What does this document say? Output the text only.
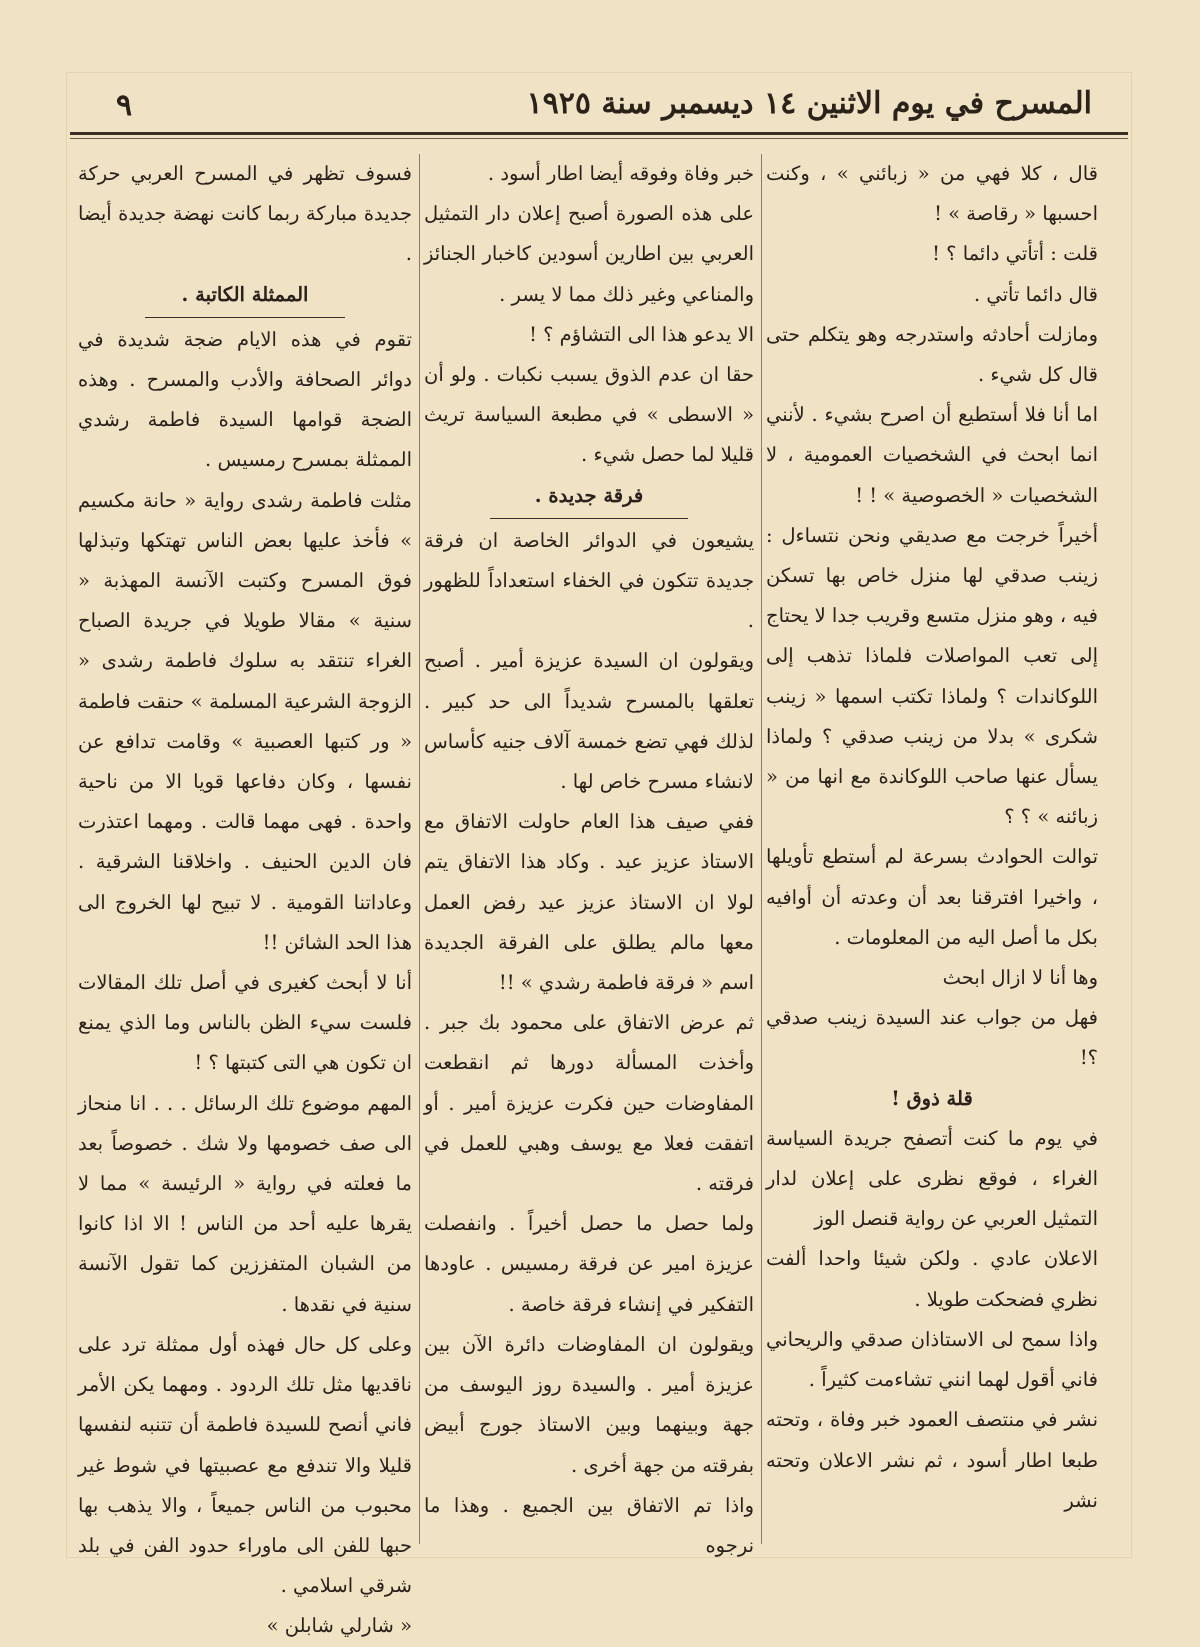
٩	المسرح في يوم الاثنين ١٤ ديسمبر سنة ١٩٢٥

قال ، كلا فهي من « زبائني » ، وكنت احسبها « رقاصة » !

قلت : أتأتي دائما ؟ !

قال دائما تأتي .

ومازلت أحادثه واستدرجه وهو يتكلم حتى قال كل شيء .

اما أنا فلا أستطيع أن اصرح بشيء . لأنني انما ابحث في الشخصيات العمومية ، لا الشخصيات « الخصوصية » ! !

أخيراً خرجت مع صديقي ونحن نتساءل : زينب صدقي لها منزل خاص بها تسكن فيه ، وهو منزل متسع وقريب جدا لا يحتاج إلى تعب المواصلات فلماذا تذهب إلى اللوكاندات ؟ ولماذا تكتب اسمها « زينب شكرى » بدلا من زينب صدقي ؟ ولماذا يسأل عنها صاحب اللوكاندة مع انها من « زبائنه » ؟ ؟

توالت الحوادث بسرعة لم أستطع تأويلها ، واخيرا افترقنا بعد أن وعدته أن أوافيه بكل ما أصل اليه من المعلومات .

وها أنا لا ازال ابحث

فهل من جواب عند السيدة زينب صدقي ؟!

قلة ذوق !

في يوم ما كنت أتصفح جريدة السياسة الغراء ، فوقع نظرى على إعلان لدار التمثيل العربي عن رواية قنصل الوز

الاعلان عادي . ولكن شيئا واحدا ألفت نظري فضحكت طويلا .

واذا سمح لى الاستاذان صدقي والريحاني فاني أقول لهما انني تشاءمت كثيراً .

نشر في منتصف العمود خبر وفاة ، وتحته طبعا اطار أسود ، ثم نشر الاعلان وتحته نشر

خبر وفاة وفوقه أيضا اطار أسود .

على هذه الصورة أصبح إعلان دار التمثيل العربي بين اطارين أسودين كاخبار الجنائز والمناعي وغير ذلك مما لا يسر .

الا يدعو هذا الى التشاؤم ؟ !

حقا ان عدم الذوق يسبب نكبات . ولو أن « الاسطى » في مطبعة السياسة تريث قليلا لما حصل شيء .

فرقة جديدة .

يشيعون في الدوائر الخاصة ان فرقة جديدة تتكون في الخفاء استعداداً للظهور .

ويقولون ان السيدة عزيزة أمير . أصبح تعلقها بالمسرح شديداً الى حد كبير . لذلك فهي تضع خمسة آلاف جنيه كأساس لانشاء مسرح خاص لها .

ففي صيف هذا العام حاولت الاتفاق مع الاستاذ عزيز عيد . وكاد هذا الاتفاق يتم لولا ان الاستاذ عزيز عيد رفض العمل معها مالم يطلق على الفرقة الجديدة اسم « فرقة فاطمة رشدي » !!

ثم عرض الاتفاق على محمود بك جبر . وأخذت المسألة دورها ثم انقطعت المفاوضات حين فكرت عزيزة أمير . أو اتفقت فعلا مع يوسف وهبي للعمل في فرقته .

ولما حصل ما حصل أخيراً . وانفصلت عزيزة امير عن فرقة رمسيس . عاودها التفكير في إنشاء فرقة خاصة .

ويقولون ان المفاوضات دائرة الآن بين عزيزة أمير . والسيدة روز اليوسف من جهة وبينهما وبين الاستاذ جورج أبيض بفرقته من جهة أخرى .

واذا تم الاتفاق بين الجميع . وهذا ما نرجوه

فسوف تظهر في المسرح العربي حركة جديدة مباركة ربما كانت نهضة جديدة أيضا .

الممثلة الكاتبة .

تقوم في هذه الايام ضجة شديدة في دوائر الصحافة والأدب والمسرح . وهذه الضجة قوامها السيدة فاطمة رشدي الممثلة بمسرح رمسيس .

مثلت فاطمة رشدى رواية « حانة مكسيم » فأخذ عليها بعض الناس تهتكها وتبذلها فوق المسرح وكتبت الآنسة المهذبة « سنية » مقالا طويلا في جريدة الصباح الغراء تنتقد به سلوك فاطمة رشدى « الزوجة الشرعية المسلمة » حنقت فاطمة « ور كتبها العصبية » وقامت تدافع عن نفسها ، وكان دفاعها قويا الا من ناحية واحدة . فهى مهما قالت . ومهما اعتذرت فان الدين الحنيف . واخلاقنا الشرقية . وعاداتنا القومية . لا تبيح لها الخروج الى هذا الحد الشائن !!

أنا لا أبحث كغيرى في أصل تلك المقالات فلست سيء الظن بالناس وما الذي يمنع ان تكون هي التى كتبتها ؟ !

المهم موضوع تلك الرسائل . . . انا منحاز الى صف خصومها ولا شك . خصوصاً بعد ما فعلته في رواية « الرئيسة » مما لا يقرها عليه أحد من الناس ! الا اذا كانوا من الشبان المتفززين كما تقول الآنسة سنية في نقدها .

وعلى كل حال فهذه أول ممثلة ترد على ناقديها مثل تلك الردود . ومهما يكن الأمر فاني أنصح للسيدة فاطمة أن تتنبه لنفسها قليلا والا تندفع مع عصبيتها في شوط غير محبوب من الناس جميعاً ، والا يذهب بها حبها للفن الى ماوراء حدود الفن في بلد شرقي اسلامي .

« شارلي شابلن »
